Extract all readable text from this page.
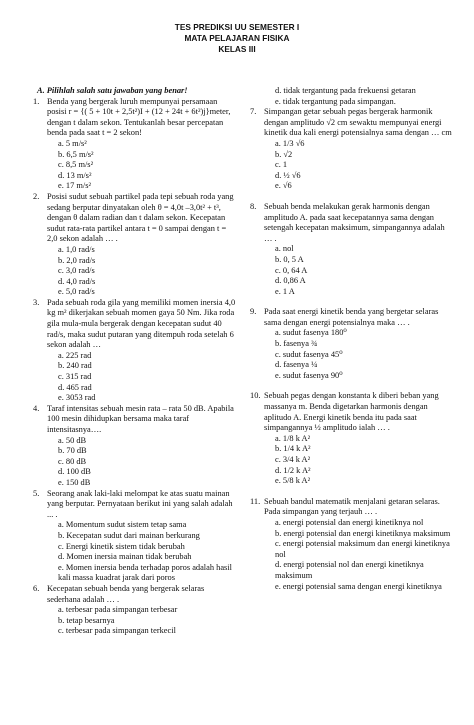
TES PREDIKSI UU SEMESTER I
MATA PELAJARAN FISIKA
KELAS III
A. Pilihlah salah satu jawaban yang benar!
1. Benda yang bergerak luruh mempunyai persamaan posisi r = {( 5 + 10t + 2,5t²)I + (12 + 24t + 6t²)j}meter, dengan t dalam sekon. Tentukanlah besar percepatan benda pada saat t = 2 sekon!
a. 5 m/s²
b. 6,5 m/s²
c. 8,5 m/s²
d. 13 m/s²
e. 17 m/s²
2. Posisi sudut sebuah partikel pada tepi sebuah roda yang sedang berputar dinyatakan oleh θ = 4,0t –3,0t² + t³, dengan θ dalam radian dan t dalam sekon. Kecepatan sudut rata-rata partikel antara t = 0 sampai dengan t = 2,0 sekon adalah … .
a. 1,0 rad/s
b. 2,0 rad/s
c. 3,0 rad/s
d. 4,0 rad/s
e. 5,0 rad/s
3. Pada sebuah roda gila yang memiliki momen inersia 4,0 kg m² dikerjakan sebuah momen gaya 50 Nm. Jika roda gila mula-mula bergerak dengan kecepatan sudut 40 rad/s, maka sudut putaran yang ditempuh roda setelah 6 sekon adalah …
a. 225 rad
b. 240 rad
c. 315 rad
d. 465 rad
e. 3053 rad
4. Taraf intensitas sebuah mesin rata – rata 50 dB. Apabila 100 mesin dihidupkan bersama maka taraf intensitasnya….
a. 50 dB
b. 70 dB
c. 80 dB
d. 100 dB
e. 150 dB
5. Seorang anak laki-laki melompat ke atas suatu mainan yang berputar. Pernyataan berikut ini yang salah adalah ... .
a. Momentum sudut sistem tetap sama
b. Kecepatan sudut dari mainan berkurang
c. Energi kinetik sistem tidak berubah
d. Momen inersia mainan tidak berubah
e. Momen inersia benda terhadap poros adalah hasil kali massa kuadrat jarak dari poros
6. Kecepatan sebuah benda yang bergerak selaras sederhana adalah … .
a. terbesar pada simpangan terbesar
b. tetap besarnya
c. terbesar pada simpangan terkecil
d. tidak tergantung pada frekuensi getaran
e. tidak tergantung pada simpangan.
7. Simpangan getar sebuah pegas bergerak harmonik dengan amplitudo √2 cm sewaktu mempunyai energi kinetik dua kali energi potensialnya sama dengan … cm
a. 1/3 √6
b. √2
c. 1
d. ½ √6
e. √6
8. Sebuah benda melakukan gerak harmonis dengan amplitudo A. pada saat kecepatannya sama dengan setengah kecepatan maksimum, simpangannya adalah … .
a. nol
b. 0, 5 A
c. 0, 64 A
d. 0,86 A
e. 1 A
9. Pada saat energi kinetik benda yang bergetar selaras sama dengan energi potensialnya maka … .
a. sudut fasenya 180⁰
b. fasenya ¾
c. sudut fasenya 45⁰
d. fasenya ¼
e. sudut fasenya 90⁰
10. Sebuah pegas dengan konstanta k diberi beban yang massanya m. Benda digetarkan harmonis dengan aplitudo A. Energi kinetik benda itu pada saat simpangannya ½ amplitudo ialah … .
a. 1/8 k A²
b. 1/4 k A²
c. 3/4 k A²
d. 1/2 k A²
e. 5/8 k A²
11. Sebuah bandul matematik menjalani getaran selaras. Pada simpangan yang terjauh … .
a. energi potensial dan energi kinetiknya nol
b. energi potensial dan energi kinetiknya maksimum
c. energi potensial maksimum dan energi kinetiknya nol
d. energi potensial nol dan energi kinetiknya maksimum
e. energi potensial sama dengan energi kinetiknya
